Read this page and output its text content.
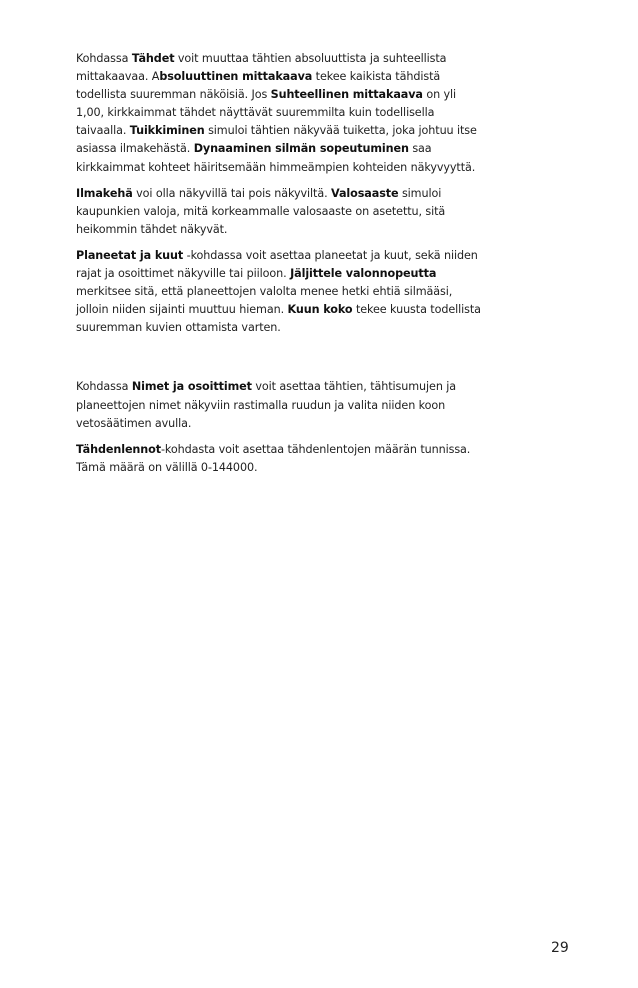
Kohdassa Tähdet voit muuttaa tähtien absoluuttista ja suhteellista mittakaavaa. Absoluuttinen mittakaava tekee kaikista tähdistä todellista suuremman näköisiä. Jos Suhteellinen mittakaava on yli 1,00, kirkkaimmat tähdet näyttävät suuremmilta kuin todellisella taivaalla. Tuikkiminen simuloi tähtien näkyvää tuiketta, joka johtuu itse asiassa ilmakehästä. Dynaaminen silmän sopeutuminen saa kirkkaimmat kohteet häiritsemään himmeämpien kohteiden näkyvyyttä.

Ilmakehä voi olla näkyvillä tai pois näkyviltä. Valosaaste simuloi kaupunkien valoja, mitä korkeammalle valosaaste on asetettu, sitä heikommin tähdet näkyvät.

Planeetat ja kuut -kohdassa voit asettaa planeetat ja kuut, sekä niiden rajat ja osoittimet näkyville tai piiloon. Jäljittele valonnopeutta merkitsee sitä, että planeettojen valolta menee hetki ehtiä silmääsi, jolloin niiden sijainti muuttuu hieman. Kuun koko tekee kuusta todellista suuremman kuvien ottamista varten.

Kohdassa Nimet ja osoittimet voit asettaa tähtien, tähtisumujen ja planeettojen nimet näkyviin rastimalla ruudun ja valita niiden koon vetosäätimen avulla.

Tähdenlennot-kohdasta voit asettaa tähdenlentojen määrän tunnissa. Tämä määrä on välillä 0-144000.

29
